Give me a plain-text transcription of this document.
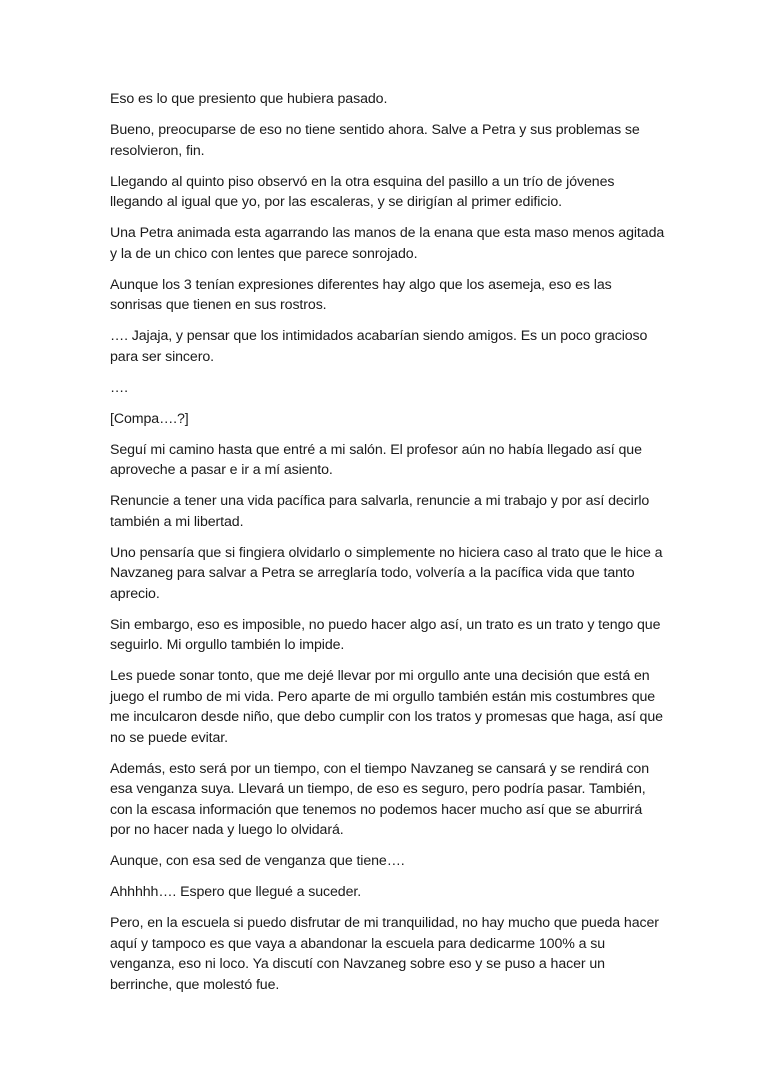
Eso es lo que presiento que hubiera pasado.

Bueno, preocuparse de eso no tiene sentido ahora. Salve a Petra y sus problemas se resolvieron, fin.

Llegando al quinto piso observó en la otra esquina del pasillo a un trío de jóvenes llegando al igual que yo, por las escaleras, y se dirigían al primer edificio.

Una Petra animada esta agarrando las manos de la enana que esta maso menos agitada y la de un chico con lentes que parece sonrojado.

Aunque los 3 tenían expresiones diferentes hay algo que los asemeja, eso es las sonrisas que tienen en sus rostros.

…. Jajaja, y pensar que los intimidados acabarían siendo amigos. Es un poco gracioso para ser sincero.

….

[Compa….?]

Seguí mi camino hasta que entré a mi salón. El profesor aún no había llegado así que aproveche a pasar e ir a mí asiento.

Renuncie a tener una vida pacífica para salvarla, renuncie a mi trabajo y por así decirlo también a mi libertad.

Uno pensaría que si fingiera olvidarlo o simplemente no hiciera caso al trato que le hice a Navzaneg para salvar a Petra se arreglaría todo, volvería a la pacífica vida que tanto aprecio.

Sin embargo, eso es imposible, no puedo hacer algo así, un trato es un trato y tengo que seguirlo. Mi orgullo también lo impide.

Les puede sonar tonto, que me dejé llevar por mi orgullo ante una decisión que está en juego el rumbo de mi vida. Pero aparte de mi orgullo también están mis costumbres que me inculcaron desde niño, que debo cumplir con los tratos y promesas que haga, así que no se puede evitar.

Además, esto será por un tiempo, con el tiempo Navzaneg se cansará y se rendirá con esa venganza suya. Llevará un tiempo, de eso es seguro, pero podría pasar. También, con la escasa información que tenemos no podemos hacer mucho así que se aburrirá por no hacer nada y luego lo olvidará.

Aunque, con esa sed de venganza que tiene….

Ahhhhh…. Espero que llegué a suceder.

Pero, en la escuela si puedo disfrutar de mi tranquilidad, no hay mucho que pueda hacer aquí y tampoco es que vaya a abandonar la escuela para dedicarme 100% a su venganza, eso ni loco. Ya discutí con Navzaneg sobre eso y se puso a hacer un berrinche, que molestó fue.
